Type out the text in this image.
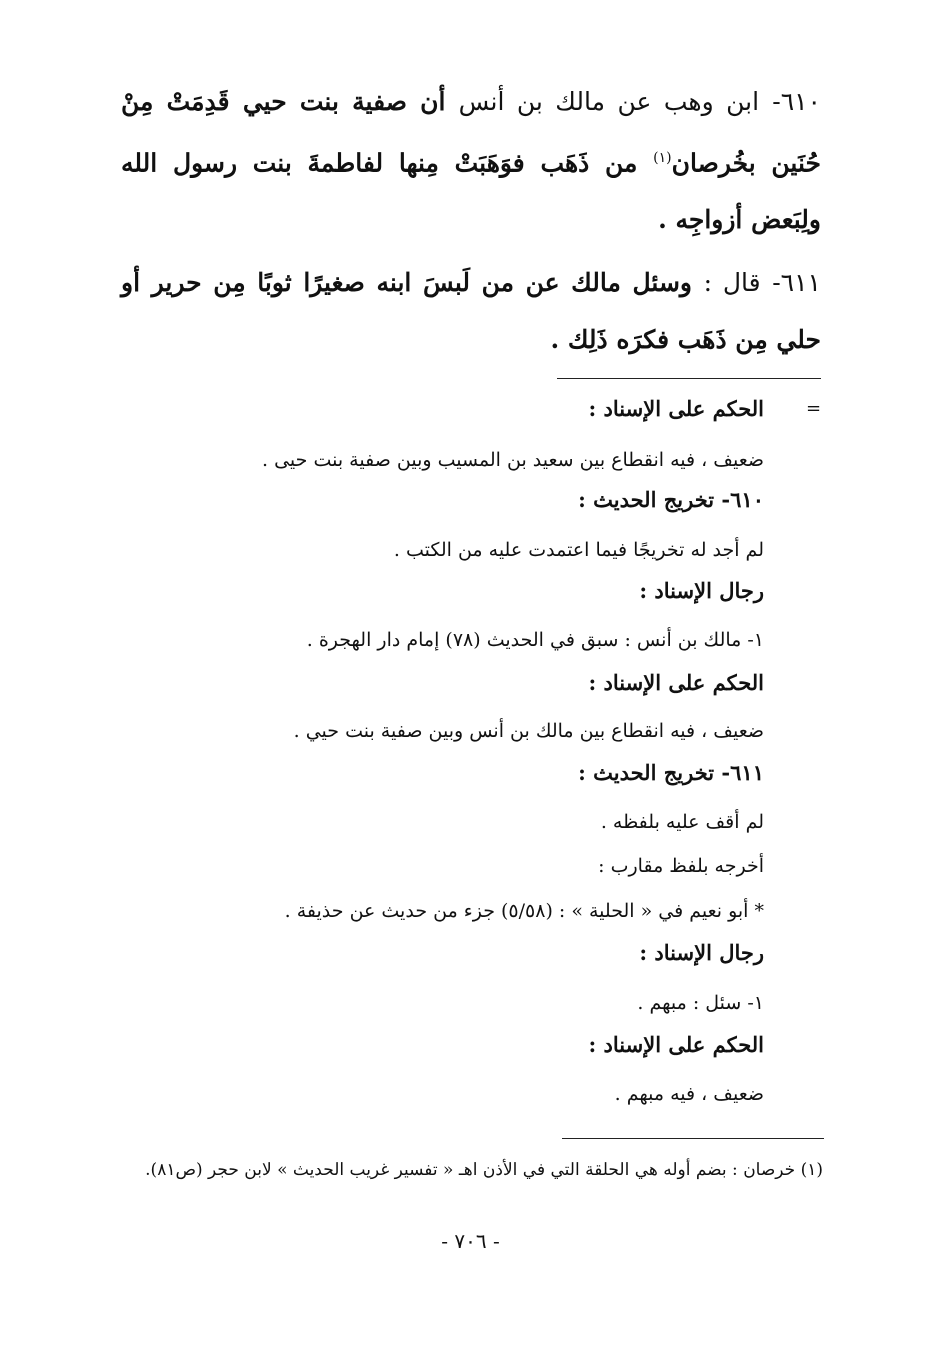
٦١٠- ابن وهب عن مالك بن أنس أن صفية بنت حيي قَدِمَتْ مِنْ حُنَين بخُرصان$^{(١)}$ من ذَهَب فوَهَبَتْ مِنها لفاطمةَ بنت رسول الله ولِبَعض أزواجِه .

٦١١- قال : وسئل مالك عن من لَبسَ ابنه صغيرًا ثوبًا مِن حرير أو حلي مِن ذَهَب فكرَه ذَلِك .

=
الحكم على الإسناد :
ضعيف ، فيه انقطاع بين سعيد بن المسيب وبين صفية بنت حيى .
٦١٠- تخريج الحديث :
لم أجد له تخريجًا فيما اعتمدت عليه من الكتب .
رجال الإسناد :
١- مالك بن أنس : سبق في الحديث (٧٨) إمام دار الهجرة .
الحكم على الإسناد :
ضعيف ، فيه انقطاع بين مالك بن أنس وبين صفية بنت حيي .
٦١١- تخريج الحديث :
لم أقف عليه بلفظه .
أخرجه بلفظ مقارب :
* أبو نعيم في « الحلية » : (٥/٥٨) جزء من حديث عن حذيفة .
رجال الإسناد :
١- سئل : مبهم .
الحكم على الإسناد :
ضعيف ، فيه مبهم .
(١) خرصان : بضم أوله هي الحلقة التي في الأذن اهـ « تفسير غريب الحديث » لابن حجر (ص٨١).
- ٧٠٦ -
